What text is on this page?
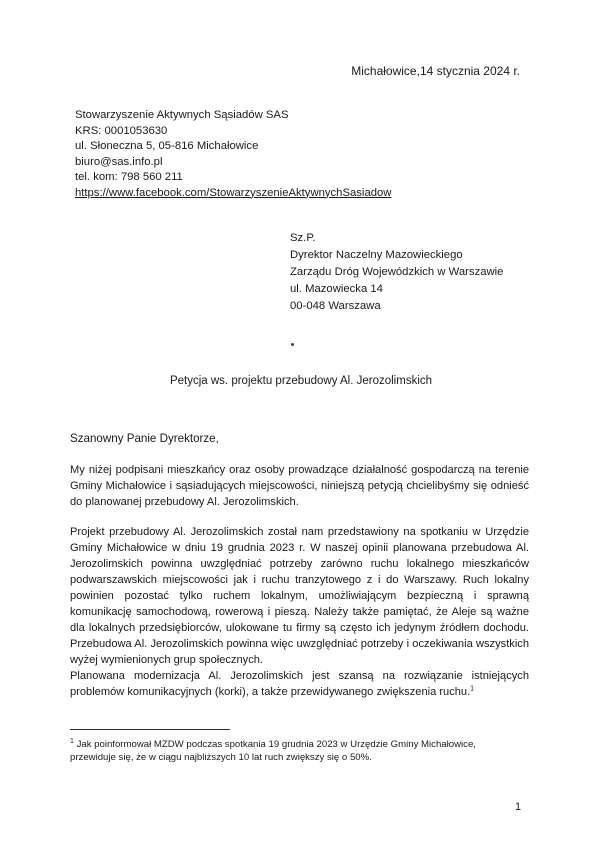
Michałowice,14 stycznia 2024 r.
Stowarzyszenie Aktywnych Sąsiadów SAS
KRS: 0001053630
ul. Słoneczna 5, 05-816 Michałowice
biuro@sas.info.pl
tel. kom: 798 560 211
https://www.facebook.com/StowarzyszenieAktywnychSasiadow
Sz.P.
Dyrektor Naczelny Mazowieckiego
Zarządu Dróg Wojewódzkich w Warszawie
ul. Mazowiecka 14
00-048 Warszawa
Petycja ws. projektu przebudowy Al. Jerozolimskich
Szanowny Panie Dyrektorze,
My niżej podpisani mieszkańcy oraz osoby prowadzące działalność gospodarczą na terenie
Gminy Michałowice i sąsiadujących miejscowości, niniejszą petycją chcielibyśmy się odnieść
do planowanej przebudowy Al. Jerozolimskich.
Projekt przebudowy Al. Jerozolimskich został nam przedstawiony na spotkaniu w Urzędzie
Gminy Michałowice w dniu 19 grudnia 2023 r. W naszej opinii planowana przebudowa Al.
Jerozolimskich powinna uwzględniać potrzeby zarówno ruchu lokalnego mieszkańców
podwarszawskich miejscowości jak i ruchu tranzytowego z i do Warszawy. Ruch lokalny
powinien pozostać tylko ruchem lokalnym, umożliwiającym bezpieczną i sprawną
komunikację samochodową, rowerową i pieszą. Należy także pamiętać, że Aleje są ważne
dla lokalnych przedsiębiorców, ulokowane tu firmy są często ich jedynym źródłem dochodu.
Przebudowa Al. Jerozolimskich powinna więc uwzględniać potrzeby i oczekiwania wszystkich
wyżej wymienionych grup społecznych.
Planowana modernizacja Al. Jerozolimskich jest szansą na rozwiązanie istniejących
problemów komunikacyjnych (korki), a także przewidywanego zwiększenia ruchu.$^1$
$^1$ Jak poinformował MZDW podczas spotkania 19 grudnia 2023 w Urzędzie Gminy Michałowice,
przewiduje się, że w ciągu najbliższych 10 lat ruch zwiększy się o 50%.
1
